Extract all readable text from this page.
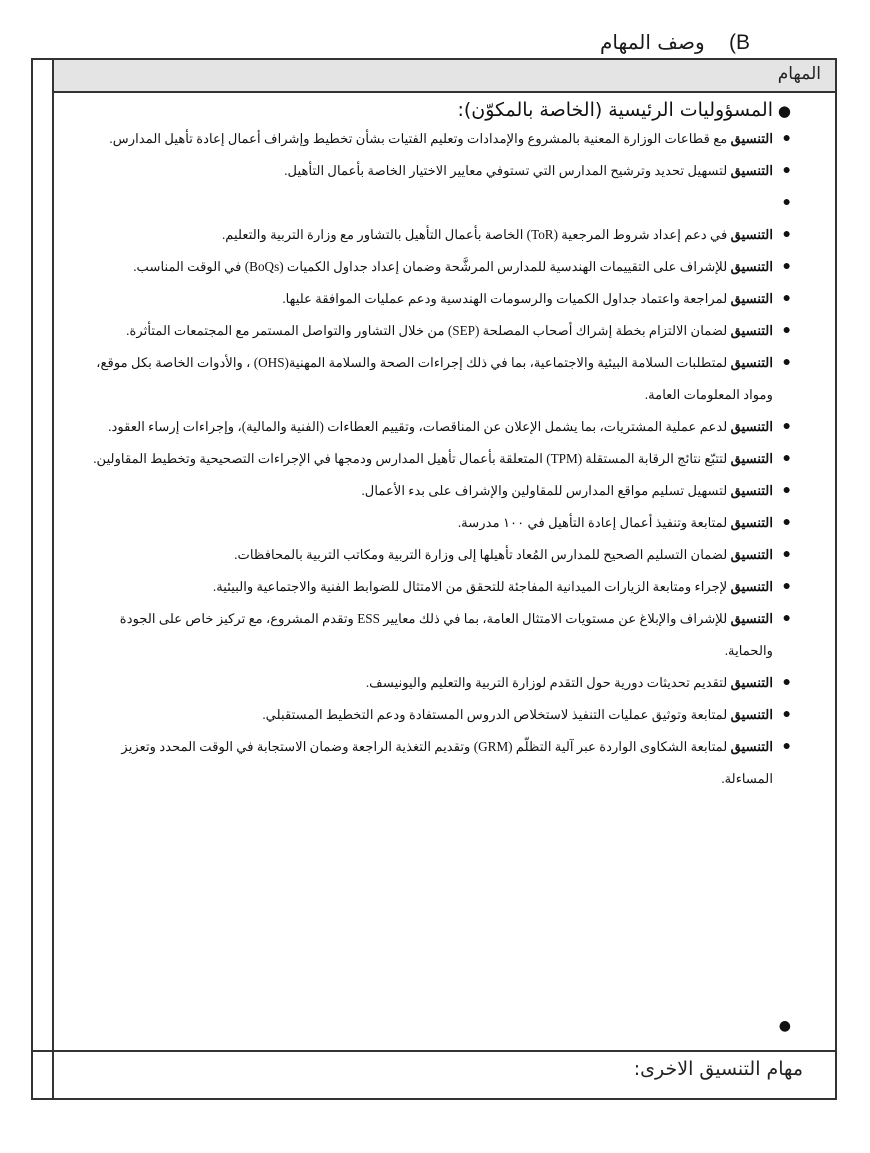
B) وصف المهام
المهام
●
المسؤوليات الرئيسية (الخاصة بالمكوّن):
●
التنسيق مع قطاعات الوزارة المعنية بالمشروع والإمدادات وتعليم الفتيات بشأن تخطيط وإشراف أعمال إعادة تأهيل المدارس.
●
التنسيق لتسهيل تحديد وترشيح المدارس التي تستوفي معايير الاختيار الخاصة بأعمال التأهيل.
●
●
التنسيق في دعم إعداد شروط المرجعية (ToR) الخاصة بأعمال التأهيل بالتشاور مع وزارة التربية والتعليم.
●
التنسيق للإشراف على التقييمات الهندسية للمدارس المرشَّحة وضمان إعداد جداول الكميات (BoQs) في الوقت المناسب.
●
التنسيق لمراجعة واعتماد جداول الكميات والرسومات الهندسية ودعم عمليات الموافقة عليها.
●
التنسيق لضمان الالتزام بخطة إشراك أصحاب المصلحة (SEP) من خلال التشاور والتواصل المستمر مع المجتمعات المتأثرة.
●
التنسيق لمتطلبات السلامة البيئية والاجتماعية، بما في ذلك إجراءات الصحة والسلامة المهنية(OHS) ، والأدوات الخاصة بكل موقع، ومواد المعلومات العامة.
●
التنسيق لدعم عملية المشتريات، بما يشمل الإعلان عن المناقصات، وتقييم العطاءات (الفنية والمالية)، وإجراءات إرساء العقود.
●
التنسيق لتتبّع نتائج الرقابة المستقلة (TPM) المتعلقة بأعمال تأهيل المدارس ودمجها في الإجراءات التصحيحية وتخطيط المقاولين.
●
التنسيق لتسهيل تسليم مواقع المدارس للمقاولين والإشراف على بدء الأعمال.
●
التنسيق لمتابعة وتنفيذ أعمال إعادة التأهيل في ١٠٠ مدرسة.
●
التنسيق لضمان التسليم الصحيح للمدارس المُعاد تأهيلها إلى وزارة التربية ومكاتب التربية بالمحافظات.
●
التنسيق لإجراء ومتابعة الزيارات الميدانية المفاجئة للتحقق من الامتثال للضوابط الفنية والاجتماعية والبيئية.
●
التنسيق للإشراف والإبلاغ عن مستويات الامتثال العامة، بما في ذلك معايير ESS وتقدم المشروع، مع تركيز خاص على الجودة والحماية.
●
التنسيق لتقديم تحديثات دورية حول التقدم لوزارة التربية والتعليم واليونيسف.
●
التنسيق لمتابعة وتوثيق عمليات التنفيذ لاستخلاص الدروس المستفادة ودعم التخطيط المستقبلي.
●
التنسيق لمتابعة الشكاوى الواردة عبر آلية التظلّم (GRM) وتقديم التغذية الراجعة وضمان الاستجابة في الوقت المحدد وتعزيز المساءلة.
●
مهام التنسيق الاخرى:
